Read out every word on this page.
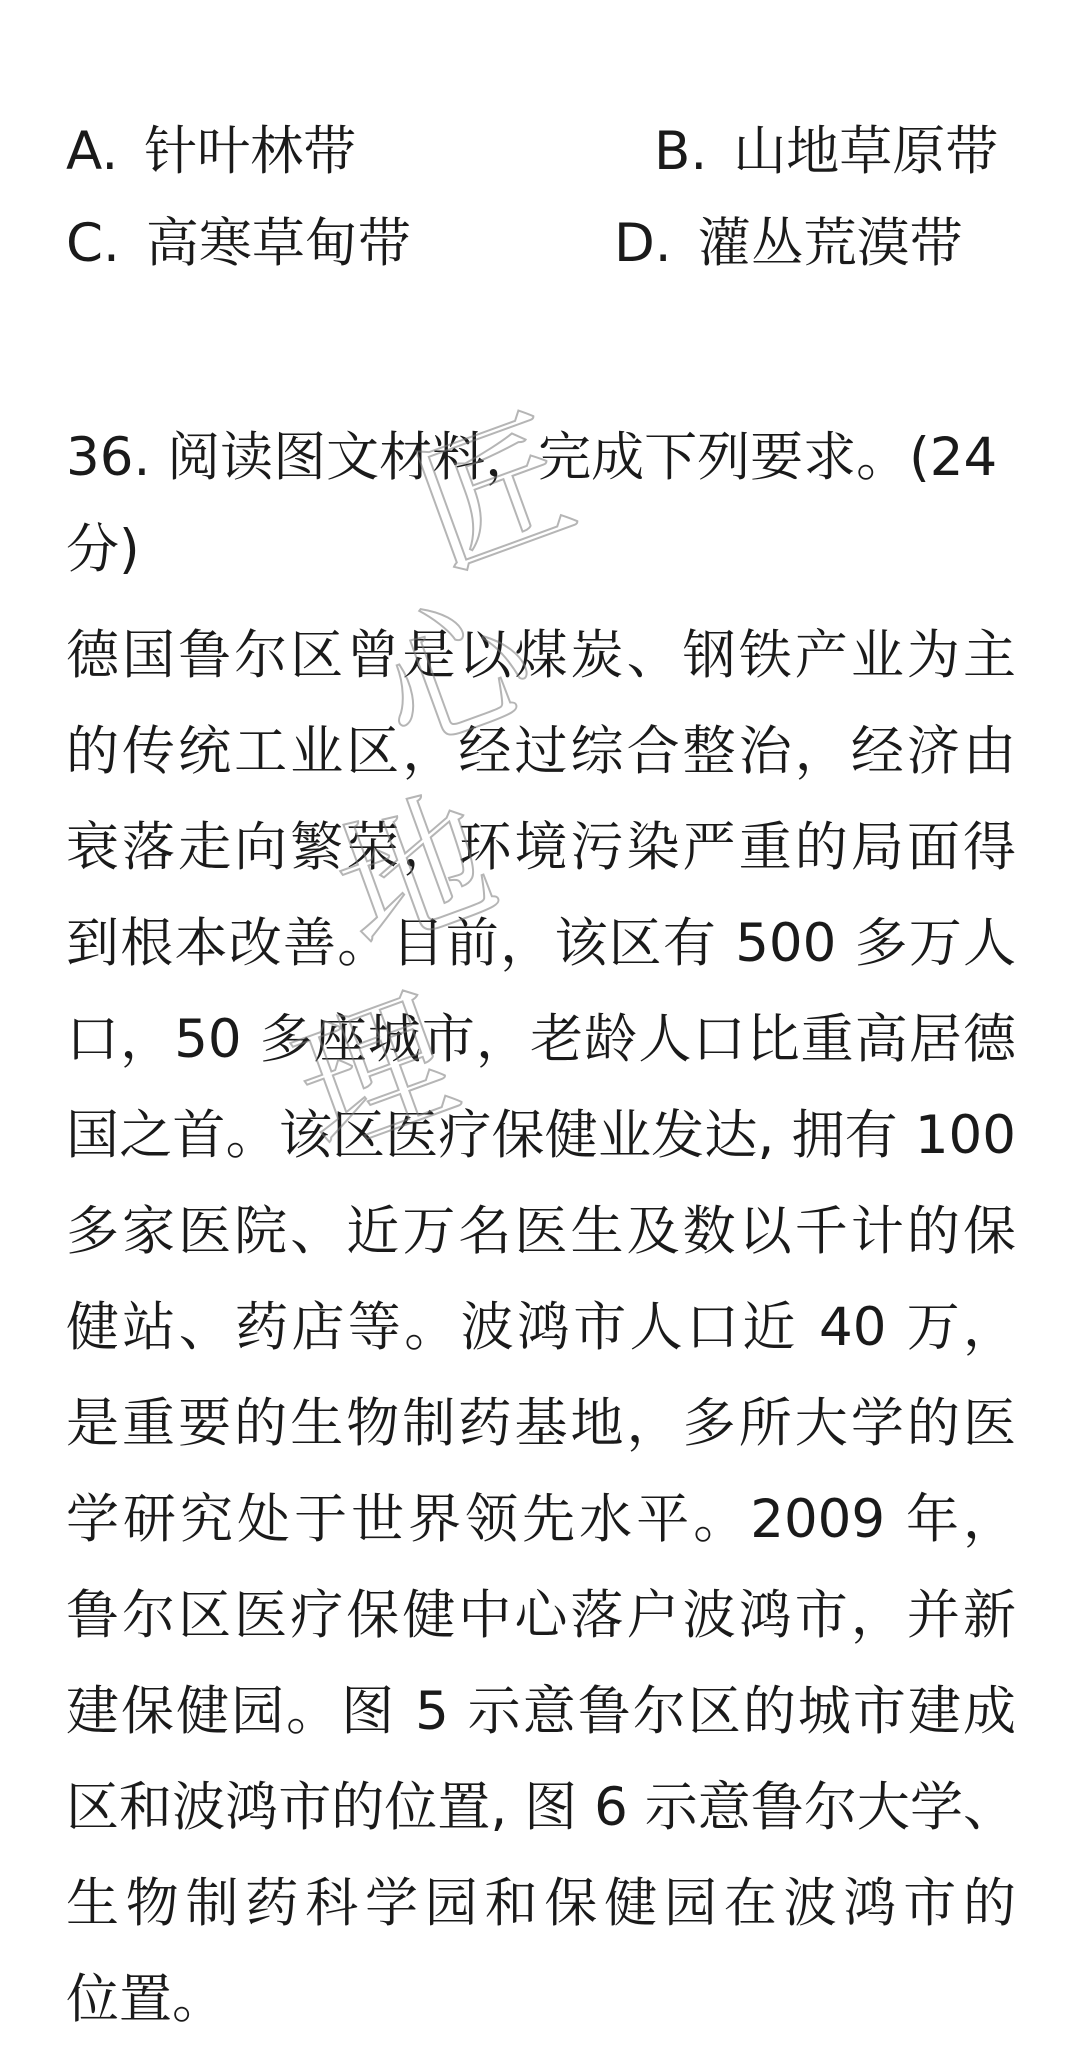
A. 针叶林带	B. 山地草原带
C. 高寒草甸带	D. 灌丛荒漠带
36. 阅读图文材料，完成下列要求。(24分)
德国鲁尔区曾是以煤炭、钢铁产业为主
的传统工业区，经过综合整治，经济由
衰落走向繁荣，环境污染严重的局面得
到根本改善。目前，该区有 500 多万人
口，50 多座城市，老龄人口比重高居德
国之首。该区医疗保健业发达, 拥有 100
多家医院、近万名医生及数以千计的保
健站、药店等。波鸿市人口近 40 万，
是重要的生物制药基地，多所大学的医
学研究处于世界领先水平。2009 年，
鲁尔区医疗保健中心落户波鸿市，并新
建保健园。图 5 示意鲁尔区的城市建成
区和波鸿市的位置, 图 6 示意鲁尔大学、
生物制药科学园和保健园在波鸿市的
位置。
匠
心
地
理
